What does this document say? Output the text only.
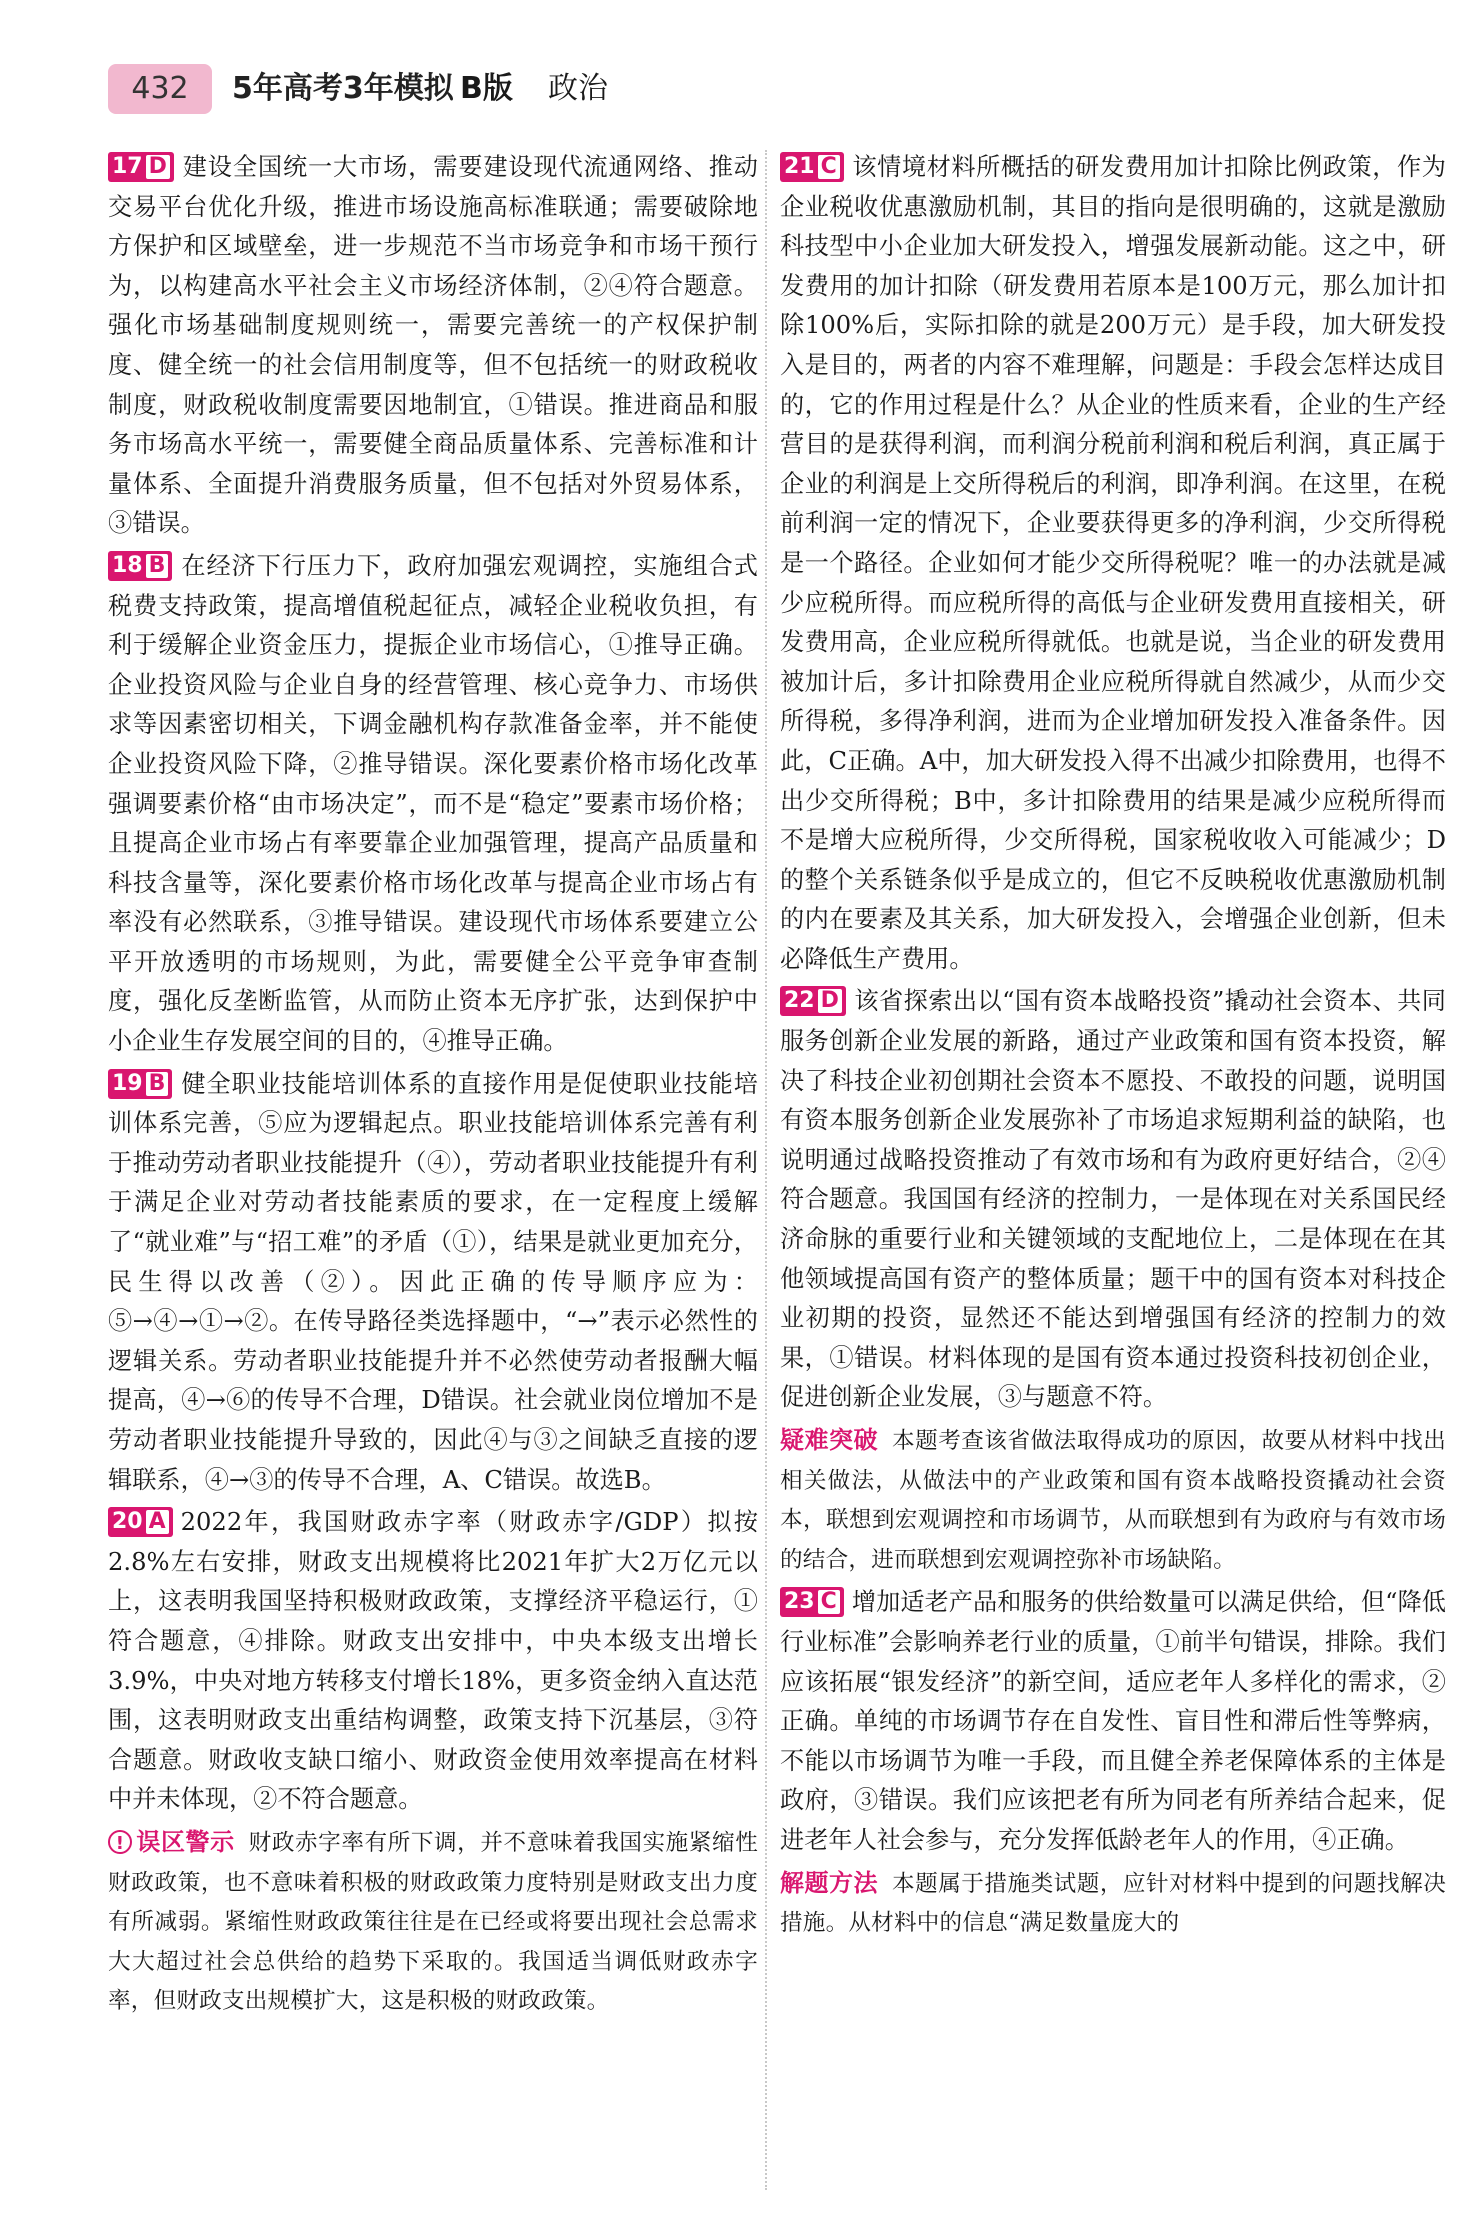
432	5年高考3年模拟 B版 政治

17 D 建设全国统一大市场，需要建设现代流通网络、推动交易平台优化升级，推进市场设施高标准联通；需要破除地方保护和区域壁垒，进一步规范不当市场竞争和市场干预行为，以构建高水平社会主义市场经济体制，②④符合题意。强化市场基础制度规则统一，需要完善统一的产权保护制度、健全统一的社会信用制度等，但不包括统一的财政税收制度，财政税收制度需要因地制宜，①错误。推进商品和服务市场高水平统一，需要健全商品质量体系、完善标准和计量体系、全面提升消费服务质量，但不包括对外贸易体系，③错误。

18 B 在经济下行压力下，政府加强宏观调控，实施组合式税费支持政策，提高增值税起征点，减轻企业税收负担，有利于缓解企业资金压力，提振企业市场信心，①推导正确。企业投资风险与企业自身的经营管理、核心竞争力、市场供求等因素密切相关，下调金融机构存款准备金率，并不能使企业投资风险下降，②推导错误。深化要素价格市场化改革强调要素价格“由市场决定”，而不是“稳定”要素市场价格；且提高企业市场占有率要靠企业加强管理，提高产品质量和科技含量等，深化要素价格市场化改革与提高企业市场占有率没有必然联系，③推导错误。建设现代市场体系要建立公平开放透明的市场规则，为此，需要健全公平竞争审查制度，强化反垄断监管，从而防止资本无序扩张，达到保护中小企业生存发展空间的目的，④推导正确。

19 B 健全职业技能培训体系的直接作用是促使职业技能培训体系完善，⑤应为逻辑起点。职业技能培训体系完善有利于推动劳动者职业技能提升（④），劳动者职业技能提升有利于满足企业对劳动者技能素质的要求，在一定程度上缓解了“就业难”与“招工难”的矛盾（①），结果是就业更加充分，民生得以改善（②）。因此正确的传导顺序应为：⑤→④→①→②。在传导路径类选择题中，“→”表示必然性的逻辑关系。劳动者职业技能提升并不必然使劳动者报酬大幅提高，④→⑥的传导不合理，D错误。社会就业岗位增加不是劳动者职业技能提升导致的，因此④与③之间缺乏直接的逻辑联系，④→③的传导不合理，A、C错误。故选B。

20 A 2022年，我国财政赤字率（财政赤字/GDP）拟按2.8%左右安排，财政支出规模将比2021年扩大2万亿元以上，这表明我国坚持积极财政政策，支撑经济平稳运行，①符合题意，④排除。财政支出安排中，中央本级支出增长3.9%，中央对地方转移支付增长18%，更多资金纳入直达范围，这表明财政支出重结构调整，政策支持下沉基层，③符合题意。财政收支缺口缩小、财政资金使用效率提高在材料中并未体现，②不符合题意。

! 误区警示 财政赤字率有所下调，并不意味着我国实施紧缩性财政政策，也不意味着积极的财政政策力度特别是财政支出力度有所减弱。紧缩性财政政策往往是在已经或将要出现社会总需求大大超过社会总供给的趋势下采取的。我国适当调低财政赤字率，但财政支出规模扩大，这是积极的财政政策。

21 C 该情境材料所概括的研发费用加计扣除比例政策，作为企业税收优惠激励机制，其目的指向是很明确的，这就是激励科技型中小企业加大研发投入，增强发展新动能。这之中，研发费用的加计扣除（研发费用若原本是100万元，那么加计扣除100%后，实际扣除的就是200万元）是手段，加大研发投入是目的，两者的内容不难理解，问题是：手段会怎样达成目的，它的作用过程是什么？从企业的性质来看，企业的生产经营目的是获得利润，而利润分税前利润和税后利润，真正属于企业的利润是上交所得税后的利润，即净利润。在这里，在税前利润一定的情况下，企业要获得更多的净利润，少交所得税是一个路径。企业如何才能少交所得税呢？唯一的办法就是减少应税所得。而应税所得的高低与企业研发费用直接相关，研发费用高，企业应税所得就低。也就是说，当企业的研发费用被加计后，多计扣除费用企业应税所得就自然减少，从而少交所得税，多得净利润，进而为企业增加研发投入准备条件。因此，C正确。A中，加大研发投入得不出减少扣除费用，也得不出少交所得税；B中，多计扣除费用的结果是减少应税所得而不是增大应税所得，少交所得税，国家税收收入可能减少；D的整个关系链条似乎是成立的，但它不反映税收优惠激励机制的内在要素及其关系，加大研发投入，会增强企业创新，但未必降低生产费用。

22 D 该省探索出以“国有资本战略投资”撬动社会资本、共同服务创新企业发展的新路，通过产业政策和国有资本投资，解决了科技企业初创期社会资本不愿投、不敢投的问题，说明国有资本服务创新企业发展弥补了市场追求短期利益的缺陷，也说明通过战略投资推动了有效市场和有为政府更好结合，②④符合题意。我国国有经济的控制力，一是体现在对关系国民经济命脉的重要行业和关键领域的支配地位上，二是体现在在其他领域提高国有资产的整体质量；题干中的国有资本对科技企业初期的投资，显然还不能达到增强国有经济的控制力的效果，①错误。材料体现的是国有资本通过投资科技初创企业，促进创新企业发展，③与题意不符。

疑难突破 本题考查该省做法取得成功的原因，故要从材料中找出相关做法，从做法中的产业政策和国有资本战略投资撬动社会资本，联想到宏观调控和市场调节，从而联想到有为政府与有效市场的结合，进而联想到宏观调控弥补市场缺陷。

23 C 增加适老产品和服务的供给数量可以满足供给，但“降低行业标准”会影响养老行业的质量，①前半句错误，排除。我们应该拓展“银发经济”的新空间，适应老年人多样化的需求，②正确。单纯的市场调节存在自发性、盲目性和滞后性等弊病，不能以市场调节为唯一手段，而且健全养老保障体系的主体是政府，③错误。我们应该把老有所为同老有所养结合起来，促进老年人社会参与，充分发挥低龄老年人的作用，④正确。

解题方法 本题属于措施类试题，应针对材料中提到的问题找解决措施。从材料中的信息“满足数量庞大的
